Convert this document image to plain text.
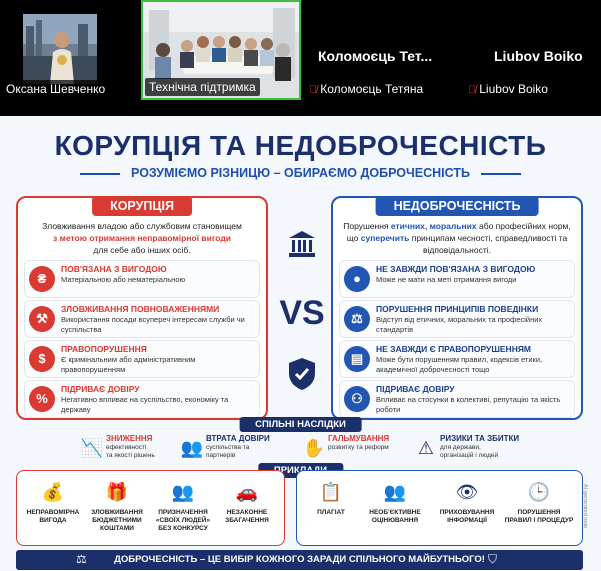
Оксана Шевченко	Технічна підтримка
Коломоєць Тет...
🎙̸ Коломоєць Тетяна
Liubov Boiko
🎙̸ Liubov Boiko
КОРУПЦІЯ ТА НЕДОБРОЧЕСНІСТЬ
РОЗУМІЄМО РІЗНИЦЮ – ОБИРАЄМО ДОБРОЧЕСНІСТЬ
КОРУПЦІЯ
Зловживання владою або службовим становищем
з метою отримання неправомірної вигоди
для себе або інших осіб.
₴
ПОВ'ЯЗАНА З ВИГОДОЮ
Матеріальною або нематеріальною
⚒
ЗЛОВЖИВАННЯ ПОВНОВАЖЕННЯМИ
Використання посади всупереч інтересам служби чи суспільства
$
ПРАВОПОРУШЕННЯ
Є кримінальним або адміністративним правопорушенням
%
ПІДРИВАЄ ДОВІРУ
Негативно впливає на суспільство, економіку та державу
VS
НЕДОБРОЧЕСНІСТЬ
Порушення етичних, моральних або професійних норм, що суперечить принципам чесності, справедливості та відповідальності.
●
НЕ ЗАВЖДИ ПОВ'ЯЗАНА З ВИГОДОЮ
Може не мати на меті отримання вигоди
⚖
ПОРУШЕННЯ ПРИНЦИПІВ ПОВЕДІНКИ
Відступ від етичних, моральних та професійних стандартів
▤
НЕ ЗАВЖДИ Є ПРАВОПОРУШЕННЯМ
Може бути порушенням правил, кодексів етики, академічної доброчесності тощо
⚇
ПІДРИВАЄ ДОВІРУ
Впливає на стосунки в колективі, репутацію та якість роботи
СПІЛЬНІ НАСЛІДКИ
📉 ЗНИЖЕННЯ
ефективності
та якості рішень 👥 ВТРАТА ДОВІРИ
суспільства та
партнерів	✋ ГАЛЬМУВАННЯ
розвитку та реформ ⚠ РИЗИКИ ТА ЗБИТКИ
для держави,
організацій і людей
💰
НЕПРАВОМІРНА
ВИГОДА
🎁
ЗЛОВЖИВАННЯ
БЮДЖЕТНИМИ
КОШТАМИ
👥
ПРИЗНАЧЕННЯ
«СВОЇХ ЛЮДЕЙ»
БЕЗ КОНКУРСУ
🚗
НЕЗАКОННЕ
ЗБАГАЧЕННЯ
📋
ПЛАГІАТ
👥
НЕОБ'ЄКТИВНЕ
ОЦІНЮВАННЯ
👁
ПРИХОВУВАННЯ
ІНФОРМАЦІЇ
🕒
ПОРУШЕННЯ
ПРАВИЛ І ПРОЦЕДУР	AI-generated note
⚖	ДОБРОЧЕСНІСТЬ – ЦЕ ВИБІР КОЖНОГО ЗАРАДИ СПІЛЬНОГО МАЙБУТНЬОГО! ⛉
